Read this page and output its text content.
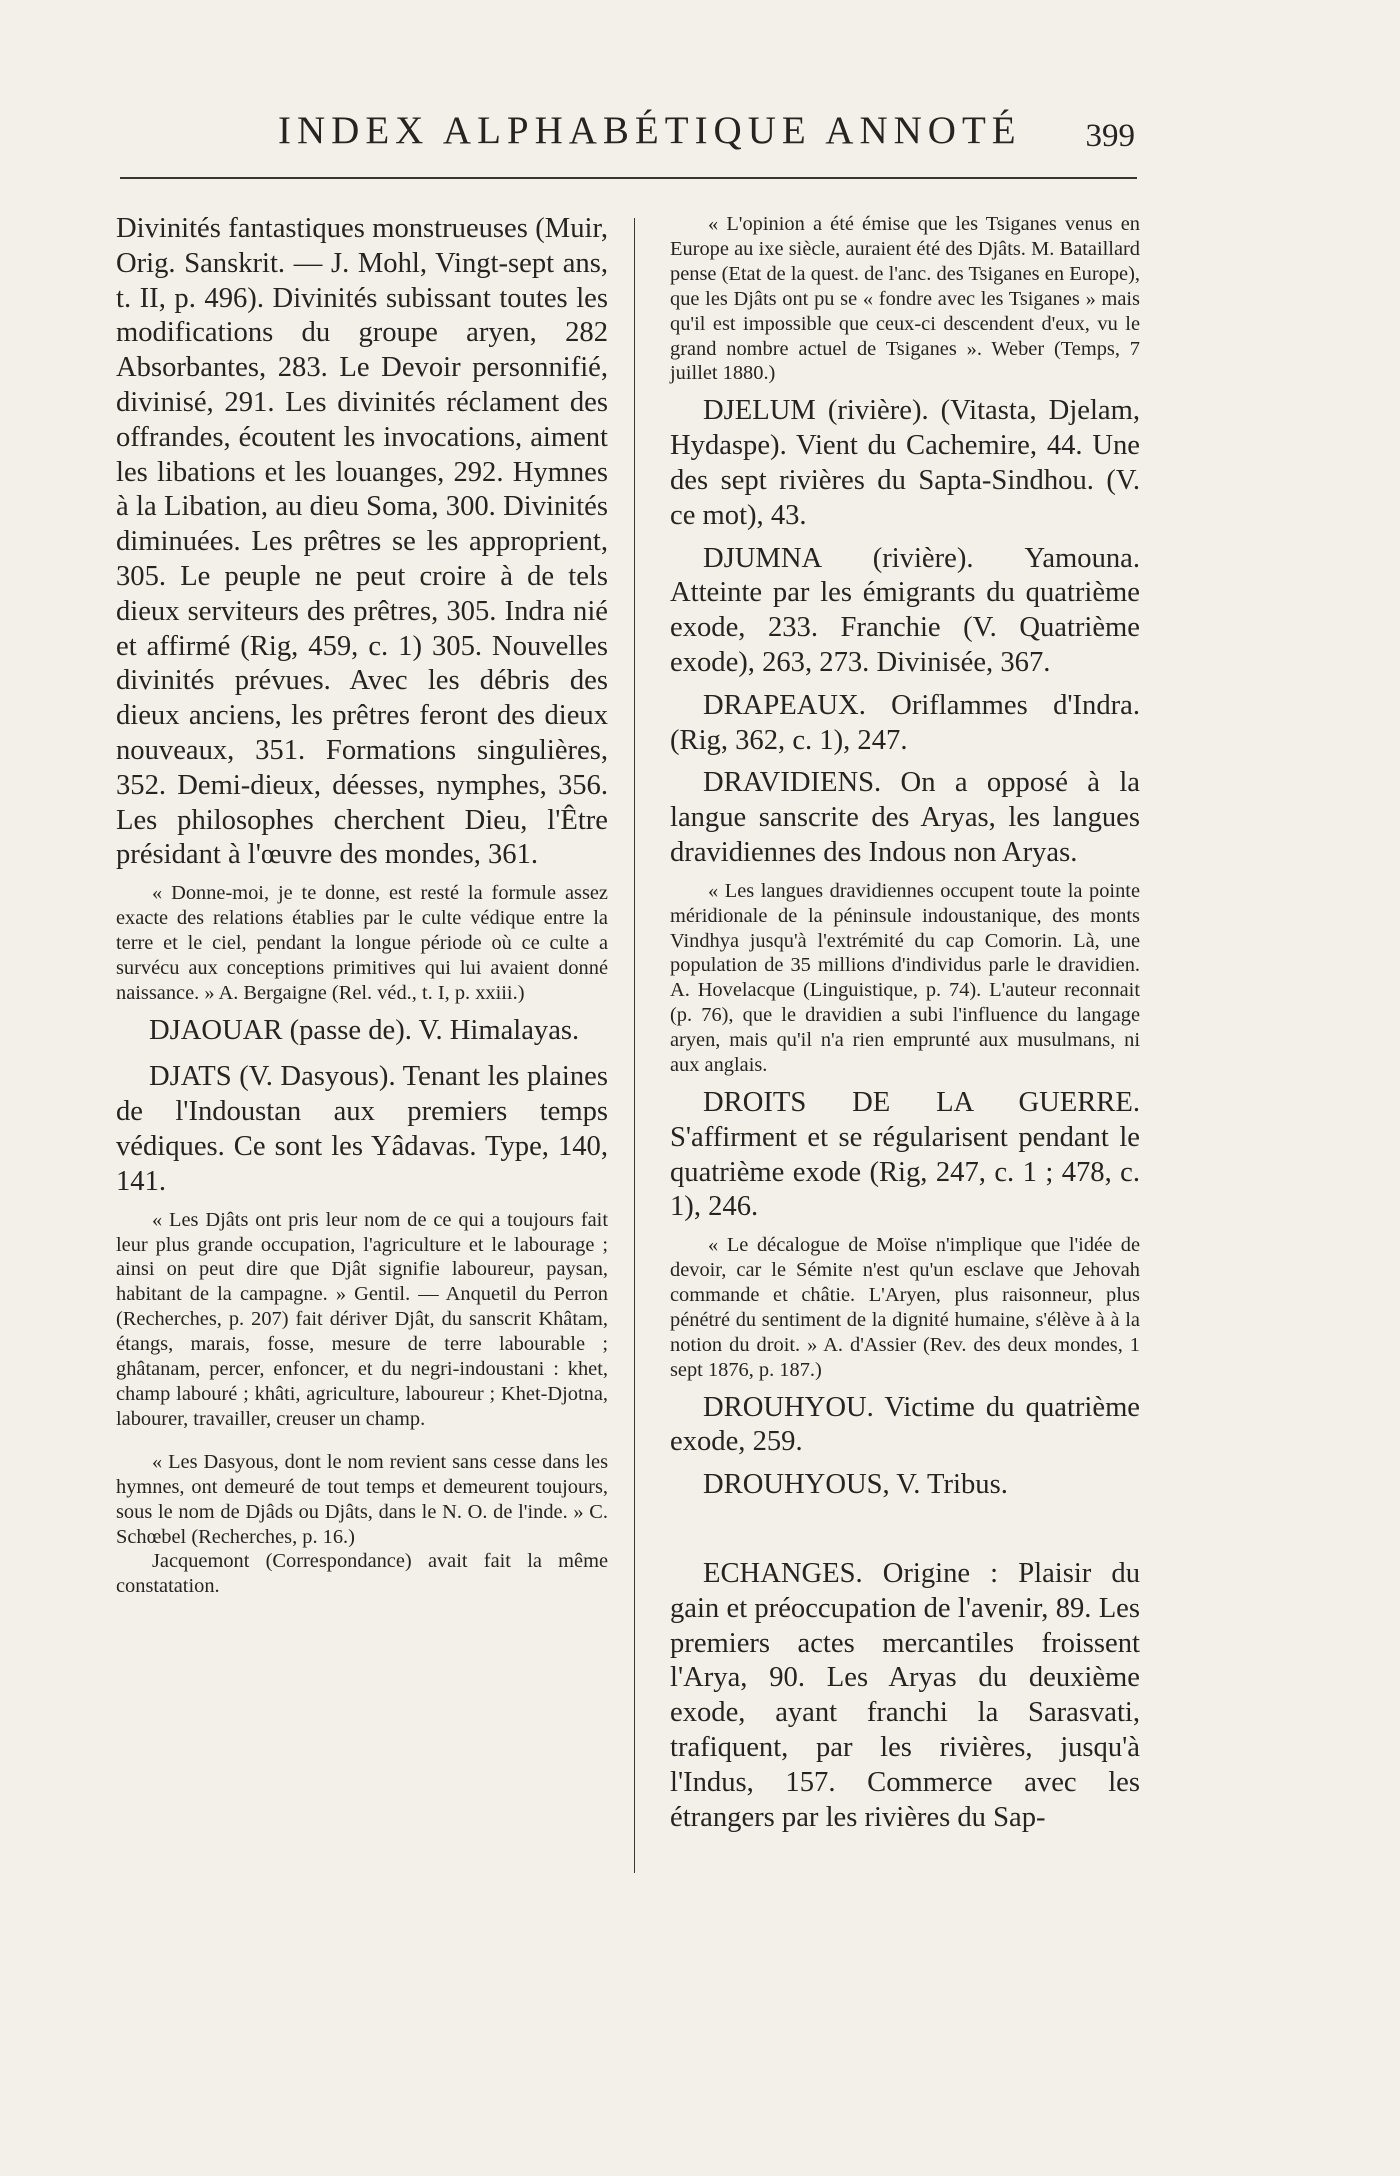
INDEX ALPHABÉTIQUE ANNOTÉ 399

Divinités fantastiques monstrueuses (Muir, Orig. Sanskrit. — J. Mohl, Vingt-sept ans, t. II, p. 496). Divinités subissant toutes les modifications du groupe aryen, 282 Absorbantes, 283. Le Devoir personnifié, divinisé, 291. Les divinités réclament des offrandes, écoutent les invocations, aiment les libations et les louanges, 292. Hymnes à la Libation, au dieu Soma, 300. Divinités diminuées. Les prêtres se les approprient, 305. Le peuple ne peut croire à de tels dieux serviteurs des prêtres, 305. Indra nié et affirmé (Rig, 459, c. 1) 305. Nouvelles divinités prévues. Avec les débris des dieux anciens, les prêtres feront des dieux nouveaux, 351. Formations singulières, 352. Demi-dieux, déesses, nymphes, 356. Les philosophes cherchent Dieu, l'Être présidant à l'œuvre des mondes, 361.

« Donne-moi, je te donne, est resté la formule assez exacte des relations établies par le culte védique entre la terre et le ciel, pendant la longue période où ce culte a survécu aux conceptions primitives qui lui avaient donné naissance. » A. Bergaigne (Rel. véd., t. I, p. xxiii.)

DJAOUAR (passe de). V. Himalayas.

DJATS (V. Dasyous). Tenant les plaines de l'Indoustan aux premiers temps védiques. Ce sont les Yâdavas. Type, 140, 141.

« Les Djâts ont pris leur nom de ce qui a toujours fait leur plus grande occupation, l'agriculture et le labourage ; ainsi on peut dire que Djât signifie laboureur, paysan, habitant de la campagne. » Gentil. — Anquetil du Perron (Recherches, p. 207) fait dériver Djât, du sanscrit Khâtam, étangs, marais, fosse, mesure de terre labourable ; ghâtanam, percer, enfoncer, et du negri-indoustani : khet, champ labouré ; khâti, agriculture, laboureur ; Khet-Djotna, labourer, travailler, creuser un champ.

« Les Dasyous, dont le nom revient sans cesse dans les hymnes, ont demeuré de tout temps et demeurent toujours, sous le nom de Djâds ou Djâts, dans le N. O. de l'inde. » C. Schœbel (Recherches, p. 16.)

Jacquemont (Correspondance) avait fait la même constatation.

« L'opinion a été émise que les Tsiganes venus en Europe au ixe siècle, auraient été des Djâts. M. Bataillard pense (Etat de la quest. de l'anc. des Tsiganes en Europe), que les Djâts ont pu se « fondre avec les Tsiganes » mais qu'il est impossible que ceux-ci descendent d'eux, vu le grand nombre actuel de Tsiganes ». Weber (Temps, 7 juillet 1880.)

DJELUM (rivière). (Vitasta, Djelam, Hydaspe). Vient du Cachemire, 44. Une des sept rivières du Sapta-Sindhou. (V. ce mot), 43.

DJUMNA (rivière). Yamouna. Atteinte par les émigrants du quatrième exode, 233. Franchie (V. Quatrième exode), 263, 273. Divinisée, 367.

DRAPEAUX. Oriflammes d'Indra. (Rig, 362, c. 1), 247.

DRAVIDIENS. On a opposé à la langue sanscrite des Aryas, les langues dravidiennes des Indous non Aryas.

« Les langues dravidiennes occupent toute la pointe méridionale de la péninsule indoustanique, des monts Vindhya jusqu'à l'extrémité du cap Comorin. Là, une population de 35 millions d'individus parle le dravidien. A. Hovelacque (Linguistique, p. 74). L'auteur reconnait (p. 76), que le dravidien a subi l'influence du langage aryen, mais qu'il n'a rien emprunté aux musulmans, ni aux anglais.

DROITS DE LA GUERRE. S'affirment et se régularisent pendant le quatrième exode (Rig, 247, c. 1 ; 478, c. 1), 246.

« Le décalogue de Moïse n'implique que l'idée de devoir, car le Sémite n'est qu'un esclave que Jehovah commande et châtie. L'Aryen, plus raisonneur, plus pénétré du sentiment de la dignité humaine, s'élève à à la notion du droit. » A. d'Assier (Rev. des deux mondes, 1 sept 1876, p. 187.)

DROUHYOU. Victime du quatrième exode, 259.

DROUHYOUS, V. Tribus.

ECHANGES. Origine : Plaisir du gain et préoccupation de l'avenir, 89. Les premiers actes mercantiles froissent l'Arya, 90. Les Aryas du deuxième exode, ayant franchi la Sarasvati, trafiquent, par les rivières, jusqu'à l'Indus, 157. Commerce avec les étrangers par les rivières du Sap-
